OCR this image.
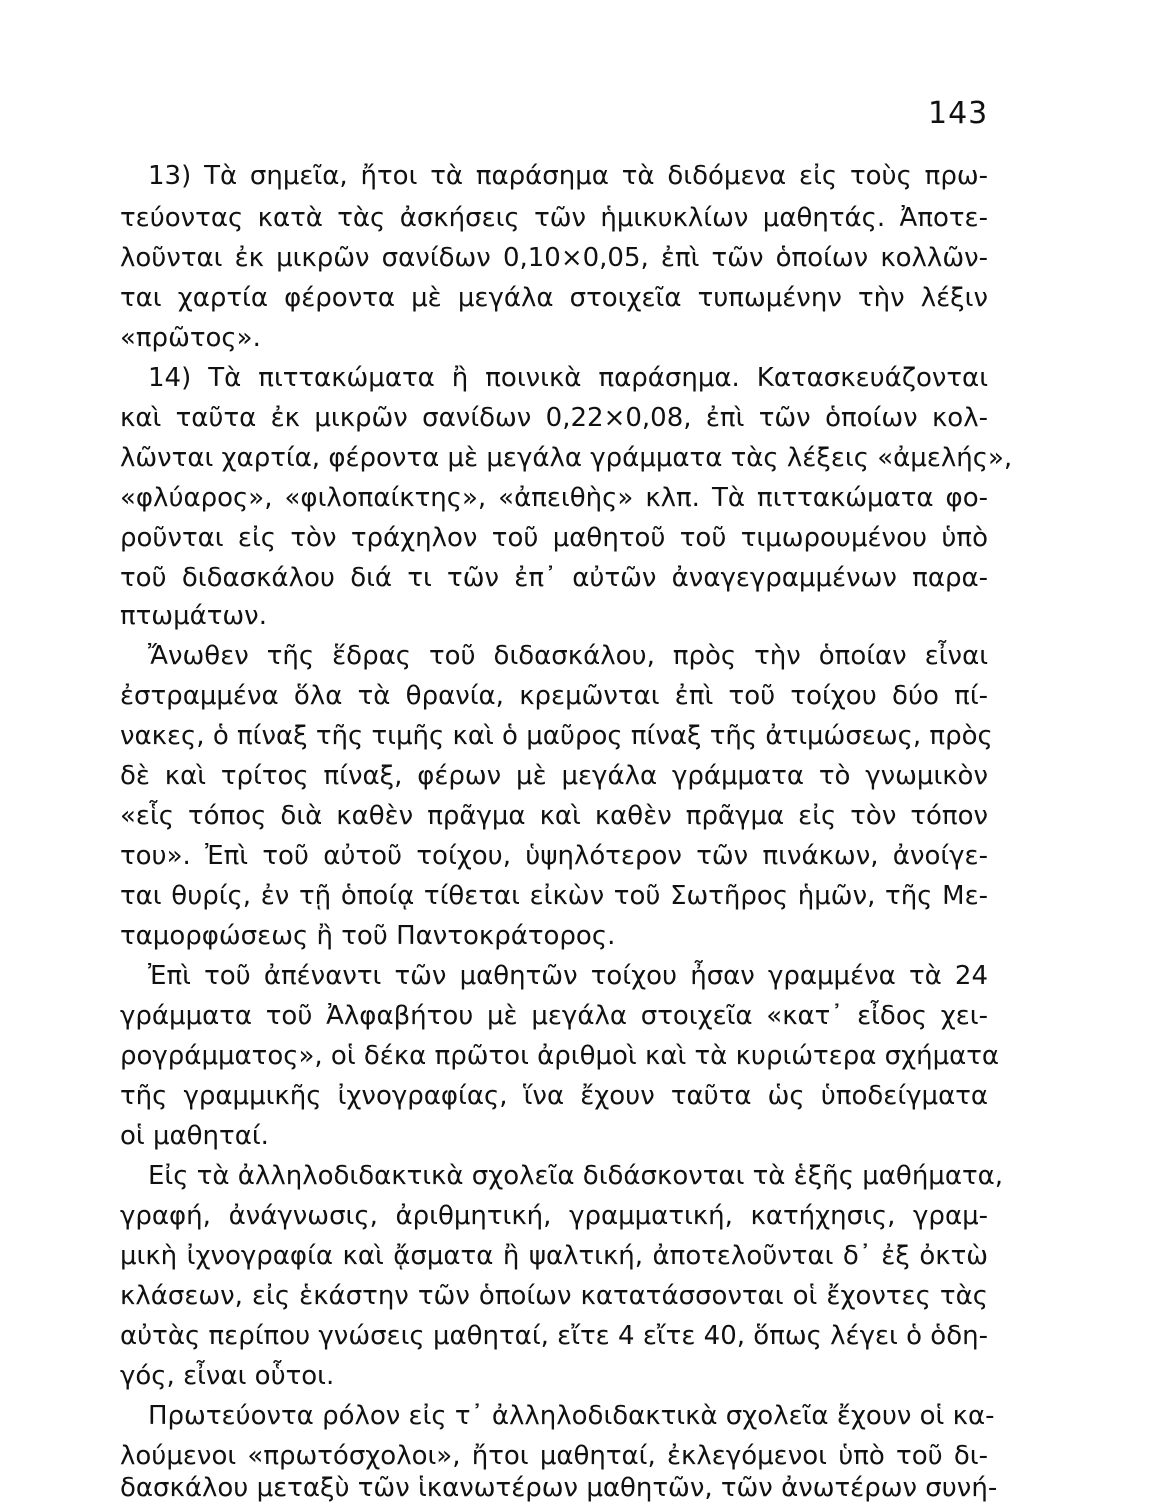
143
13) Τὰ σημεῖα, ἤτοι τὰ παράσημα τὰ διδόμενα εἰς τοὺς πρω-
τεύοντας κατὰ τὰς ἀσκήσεις τῶν ἡμικυκλίων μαθητάς. Ἀποτε-
λοῦνται ἐκ μικρῶν σανίδων 0,10×0,05, ἐπὶ τῶν ὁποίων κολλῶν-
ται χαρτία φέροντα μὲ μεγάλα στοιχεῖα τυπωμένην τὴν λέξιν
«πρῶτος».
14) Τὰ πιττακώματα ἢ ποινικὰ παράσημα. Κατασκευάζονται
καὶ ταῦτα ἐκ μικρῶν σανίδων 0,22×0,08, ἐπὶ τῶν ὁποίων κολ-
λῶνται χαρτία, φέροντα μὲ μεγάλα γράμματα τὰς λέξεις «ἀμελής»,
«φλύαρος», «φιλοπαίκτης», «ἀπειθὴς» κλπ. Τὰ πιττακώματα φο-
ροῦνται εἰς τὸν τράχηλον τοῦ μαθητοῦ τοῦ τιμωρουμένου ὑπὸ
τοῦ διδασκάλου διά τι τῶν ἐπ᾿ αὐτῶν ἀναγεγραμμένων παρα-
πτωμάτων.
Ἄνωθεν τῆς ἕδρας τοῦ διδασκάλου, πρὸς τὴν ὁποίαν εἶναι
ἐστραμμένα ὅλα τὰ θρανία, κρεμῶνται ἐπὶ τοῦ τοίχου δύο πί-
νακες, ὁ πίναξ τῆς τιμῆς καὶ ὁ μαῦρος πίναξ τῆς ἀτιμώσεως, πρὸς
δὲ καὶ τρίτος πίναξ, φέρων μὲ μεγάλα γράμματα τὸ γνωμικὸν
«εἷς τόπος διὰ καθὲν πρᾶγμα καὶ καθὲν πρᾶγμα εἰς τὸν τόπον
του». Ἐπὶ τοῦ αὐτοῦ τοίχου, ὑψηλότερον τῶν πινάκων, ἀνοίγε-
ται θυρίς, ἐν τῇ ὁποίᾳ τίθεται εἰκὼν τοῦ Σωτῆρος ἡμῶν, τῆς Με-
ταμορφώσεως ἢ τοῦ Παντοκράτορος.
Ἐπὶ τοῦ ἀπέναντι τῶν μαθητῶν τοίχου ἦσαν γραμμένα τὰ 24
γράμματα τοῦ Ἀλφαβήτου μὲ μεγάλα στοιχεῖα «κατ᾿ εἶδος χει-
ρογράμματος», οἱ δέκα πρῶτοι ἀριθμοὶ καὶ τὰ κυριώτερα σχήματα
τῆς γραμμικῆς ἰχνογραφίας, ἵνα ἔχουν ταῦτα ὡς ὑποδείγματα
οἱ μαθηταί.
Εἰς τὰ ἀλληλοδιδακτικὰ σχολεῖα διδάσκονται τὰ ἑξῆς μαθήματα,
γραφή, ἀνάγνωσις, ἀριθμητική, γραμματική, κατήχησις, γραμ-
μικὴ ἰχνογραφία καὶ ᾄσματα ἢ ψαλτική, ἀποτελοῦνται δ᾿ ἐξ ὀκτὼ
κλάσεων, εἰς ἑκάστην τῶν ὁποίων κατατάσσονται οἱ ἔχοντες τὰς
αὐτὰς περίπου γνώσεις μαθηταί, εἴτε 4 εἴτε 40, ὅπως λέγει ὁ ὁδη-
γός, εἶναι οὗτοι.
Πρωτεύοντα ρόλον εἰς τ᾿ ἀλληλοδιδακτικὰ σχολεῖα ἔχουν οἱ κα-
λούμενοι «πρωτόσχολοι», ἤτοι μαθηταί, ἐκλεγόμενοι ὑπὸ τοῦ δι-
δασκάλου μεταξὺ τῶν ἱκανωτέρων μαθητῶν, τῶν ἀνωτέρων συνή-
